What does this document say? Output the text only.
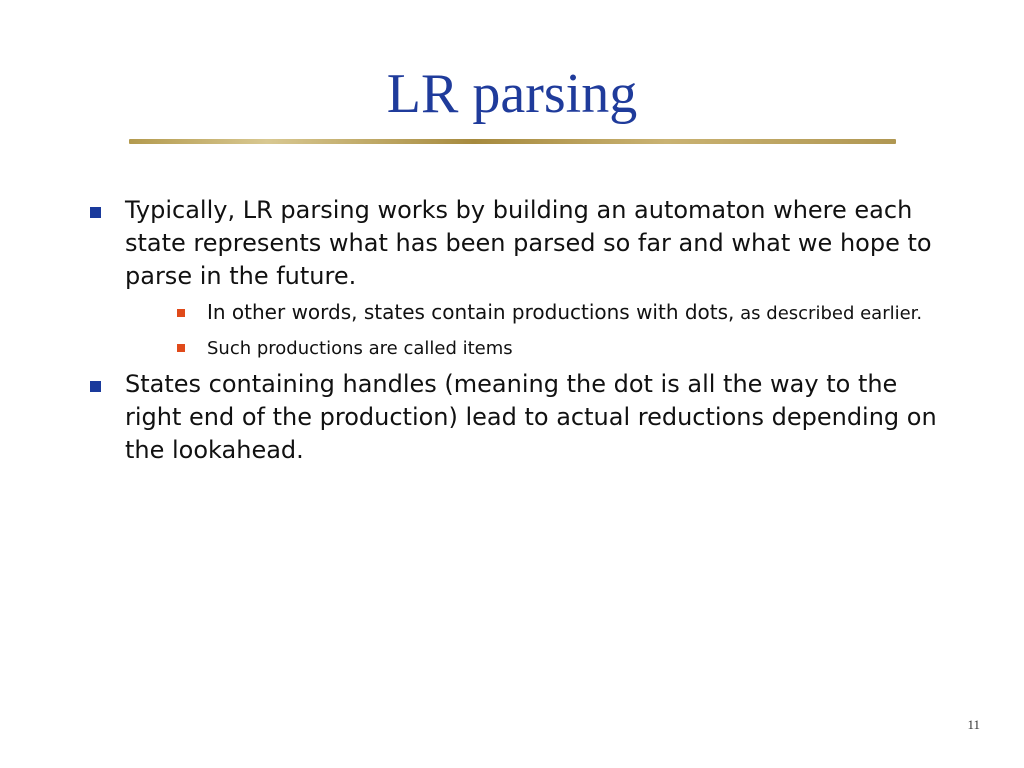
LR parsing
Typically, LR parsing works by building an automaton where each state represents what has been parsed so far and what we hope to parse in the future.
In other words, states contain productions with dots, as described earlier.
Such productions are called items
States containing handles (meaning the dot is all the way to the right end of the production) lead to actual reductions depending on the lookahead.
11
